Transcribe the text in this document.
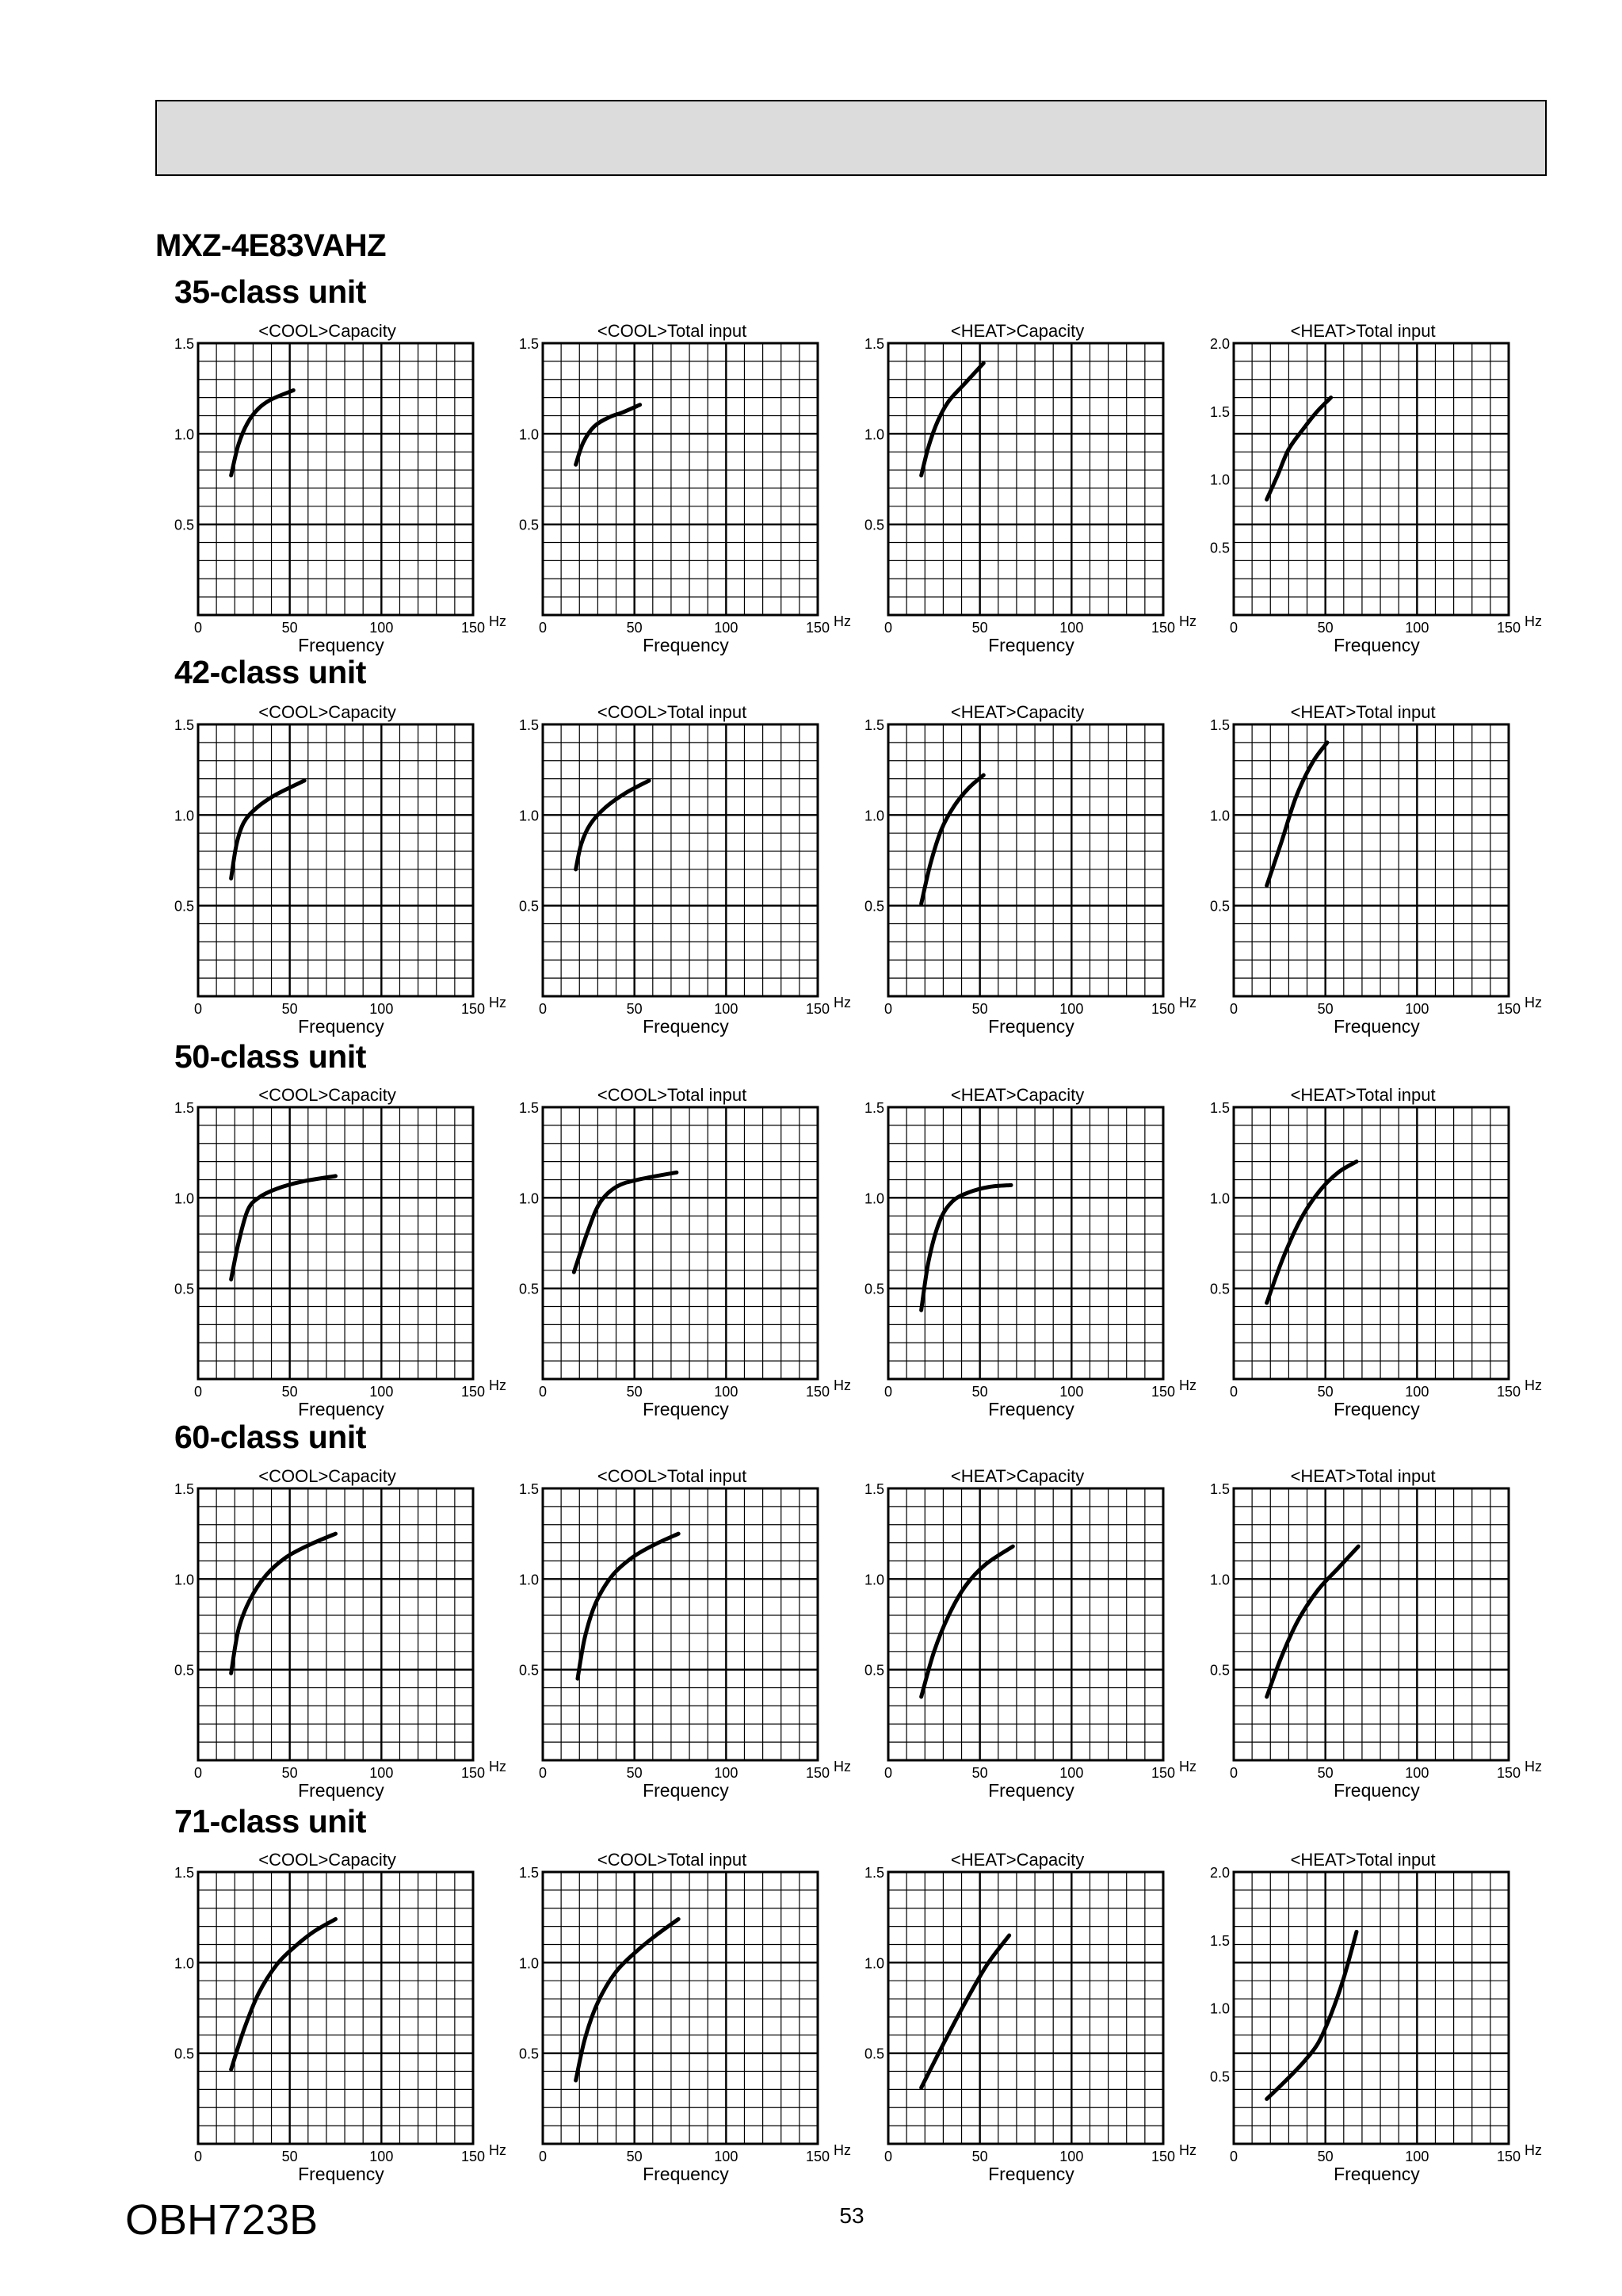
MXZ-4E83VAHZ
35-class unit
42-class unit
50-class unit
60-class unit
71-class unit
<COOL>Capacity
0.5
1.0
1.5
0	50	100	150 Hz
Frequency
<COOL>Total input
0.5
1.0
1.5
0	50	100	150 Hz
Frequency
<HEAT>Capacity
0.5
1.0
1.5
0	50	100	150 Hz
Frequency
<HEAT>Total input
0.5
1.0
1.5
2.0
0	50	100	150 Hz
Frequency
<COOL>Capacity
0.5
1.0
1.5
0	50	100	150 Hz
Frequency
<COOL>Total input
0.5
1.0
1.5
0	50	100	150 Hz
Frequency
<HEAT>Capacity
0.5
1.0
1.5
0	50	100	150 Hz
Frequency
<HEAT>Total input
0.5
1.0
1.5
0	50	100	150 Hz
Frequency
<COOL>Capacity
0.5
1.0
1.5
0	50	100	150 Hz
Frequency
<COOL>Total input
0.5
1.0
1.5
0	50	100	150 Hz
Frequency
<HEAT>Capacity
0.5
1.0
1.5
0	50	100	150 Hz
Frequency
<HEAT>Total input
0.5
1.0
1.5
0	50	100	150 Hz
Frequency
<COOL>Capacity
0.5
1.0
1.5
0	50	100	150 Hz
Frequency
<COOL>Total input
0.5
1.0
1.5
0	50	100	150 Hz
Frequency
<HEAT>Capacity
0.5
1.0
1.5
0	50	100	150 Hz
Frequency
<HEAT>Total input
0.5
1.0
1.5
0	50	100	150 Hz
Frequency
<COOL>Capacity
0.5
1.0
1.5
0	50	100	150 Hz
Frequency
<COOL>Total input
0.5
1.0
1.5
0	50	100	150 Hz
Frequency
<HEAT>Capacity
0.5
1.0
1.5
0	50	100	150 Hz
Frequency
<HEAT>Total input
0.5
1.0
1.5
2.0
0	50	100	150 Hz
Frequency
OBH723B	53
